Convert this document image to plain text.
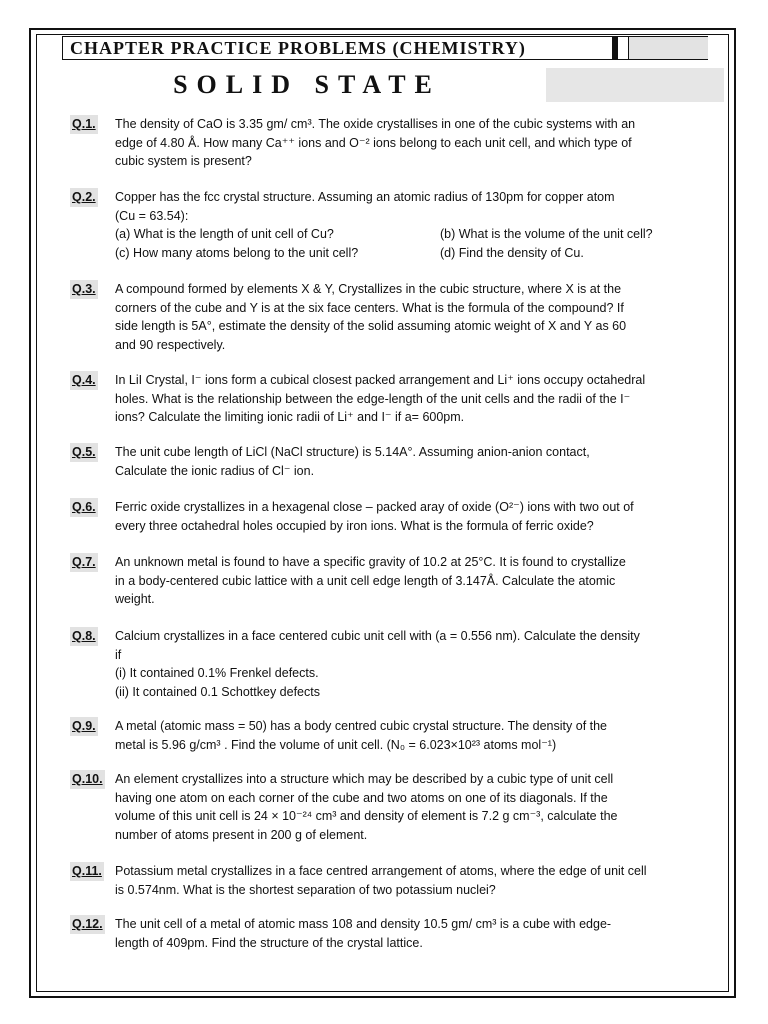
CHAPTER PRACTICE PROBLEMS (CHEMISTRY)
SOLID STATE
Q.1. The density of CaO is 3.35 gm/ cm³. The oxide crystallises in one of the cubic systems with an
edge of 4.80 Å. How many Ca⁺⁺ ions and O⁻² ions belong to each unit cell, and which type of
cubic system is present?
Q.2. Copper has the fcc crystal structure. Assuming an atomic radius of 130pm for copper atom
(Cu = 63.54):
(a) What is the length of unit cell of Cu?	(b) What is the volume of the unit cell?
(c) How many atoms belong to the unit cell?	(d) Find the density of Cu.
Q.3. A compound formed by elements X & Y, Crystallizes in the cubic structure, where X is at the
corners of the cube and Y is at the six face centers. What is the formula of the compound? If
side length is 5A°, estimate the density of the solid assuming atomic weight of X and Y as 60
and 90 respectively.
Q.4. In LiI Crystal, I⁻ ions form a cubical closest packed arrangement and Li⁺ ions occupy octahedral
holes. What is the relationship between the edge-length of the unit cells and the radii of the I⁻
ions? Calculate the limiting ionic radii of Li⁺ and I⁻ if a= 600pm.
Q.5. The unit cube length of LiCl (NaCl structure) is 5.14A°. Assuming anion-anion contact,
Calculate the ionic radius of Cl⁻ ion.
Q.6. Ferric oxide crystallizes in a hexagenal close – packed aray of oxide (O²⁻) ions with two out of
every three octahedral holes occupied by iron ions. What is the formula of ferric oxide?
Q.7. An unknown metal is found to have a specific gravity of 10.2 at 25°C. It is found to crystallize
in a body-centered cubic lattice with a unit cell edge length of 3.147Å. Calculate the atomic
weight.
Q.8. Calcium crystallizes in a face centered cubic unit cell with (a = 0.556 nm). Calculate the density
if
(i) It contained 0.1% Frenkel defects.
(ii) It contained 0.1 Schottkey defects
Q.9. A metal (atomic mass = 50) has a body centred cubic crystal structure. The density of the
metal is 5.96 g/cm³ . Find the volume of unit cell. (N₀ = 6.023×10²³ atoms mol⁻¹)
Q.10. An element crystallizes into a structure which may be described by a cubic type of unit cell
having one atom on each corner of the cube and two atoms on one of its diagonals. If the
volume of this unit cell is 24 × 10⁻²⁴ cm³ and density of element is 7.2 g cm⁻³, calculate the
number of atoms present in 200 g of element.
Q.11. Potassium metal crystallizes in a face centred arrangement of atoms, where the edge of unit cell
is 0.574nm. What is the shortest separation of two potassium nuclei?
Q.12. The unit cell of a metal of atomic mass 108 and density 10.5 gm/ cm³ is a cube with edge-
length of 409pm. Find the structure of the crystal lattice.
